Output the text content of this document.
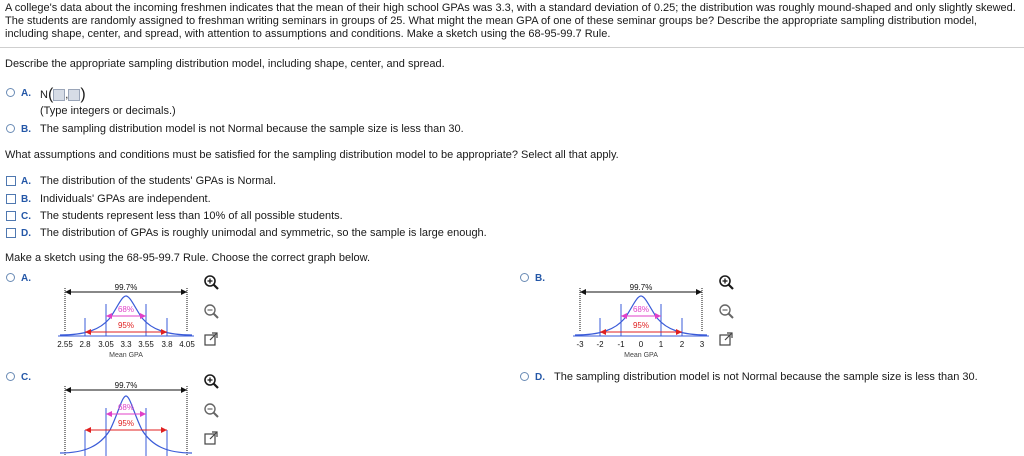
A college's data about the incoming freshmen indicates that the mean of their high school GPAs was 3.3, with a standard deviation of 0.25; the distribution was roughly mound-shaped and only slightly skewed. The students are randomly assigned to freshman writing seminars in groups of 25. What might the mean GPA of one of these seminar groups be? Describe the appropriate sampling distribution model, including shape, center, and spread, with attention to assumptions and conditions. Make a sketch using the 68-95-99.7 Rule.
Describe the appropriate sampling distribution model, including shape, center, and spread.
A. N( , )
(Type integers or decimals.)
B. The sampling distribution model is not Normal because the sample size is less than 30.
What assumptions and conditions must be satisfied for the sampling distribution model to be appropriate? Select all that apply.
A. The distribution of the students' GPAs is Normal.
B. Individuals' GPAs are independent.
C. The students represent less than 10% of all possible students.
D. The distribution of GPAs is roughly unimodal and symmetric, so the sample is large enough.
Make a sketch using the 68-95-99.7 Rule. Choose the correct graph below.
A.	B.
C.	D. The sampling distribution model is not Normal because the sample size is less than 30.
99.7%
68%
95%
2.55 2.8 3.05 3.3 3.55 3.8 4.05
Mean GPA
99.7%
68%
95%
-3 -2 -1 0 1 2 3
Mean GPA
99.7%
68%
95%
